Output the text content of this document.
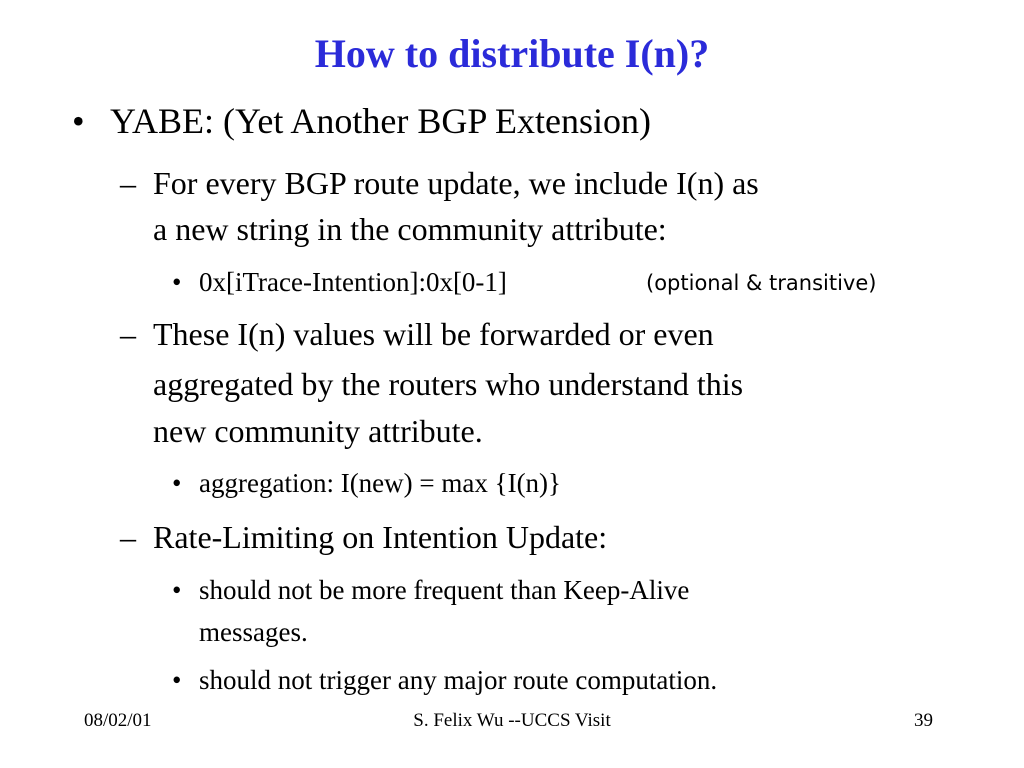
How to distribute I(n)?
• YABE: (Yet Another BGP Extension)
– For every BGP route update, we include I(n) as
a new string in the community attribute:
• 0x[iTrace-Intention]:0x[0-1]	(optional & transitive)
– These I(n) values will be forwarded or even
aggregated by the routers who understand this
new community attribute.
• aggregation: I(new) = max {I(n)}
– Rate-Limiting on Intention Update:
• should not be more frequent than Keep-Alive
messages.
• should not trigger any major route computation.
08/02/01	S. Felix Wu --UCCS Visit	39
